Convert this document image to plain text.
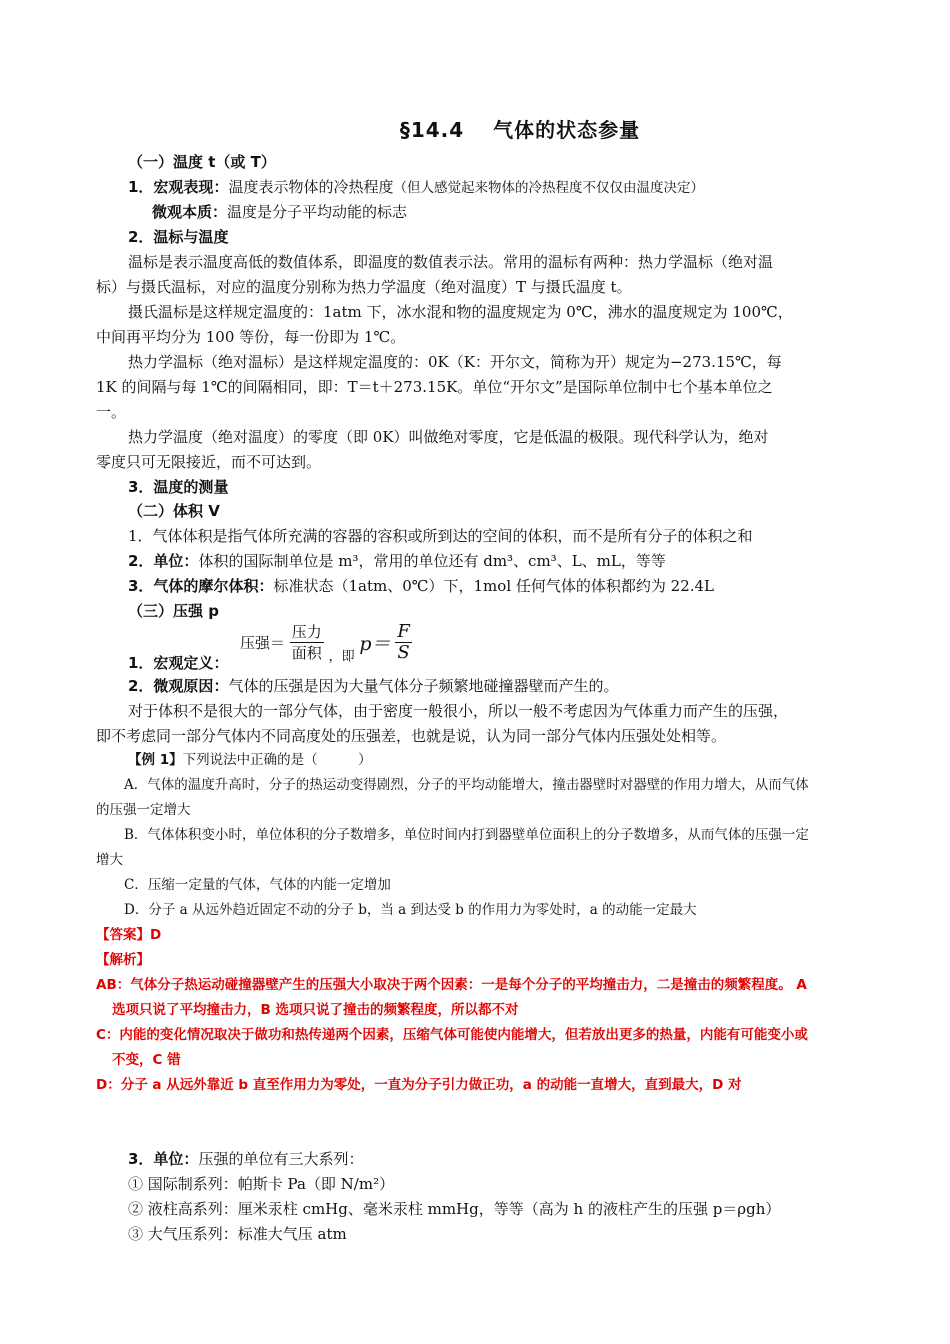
§14.4　 气体的状态参量
（一）温度 t（或 T）
1．宏观表现：温度表示物体的冷热程度（但人感觉起来物体的冷热程度不仅仅由温度决定）
微观本质：温度是分子平均动能的标志
2．温标与温度
温标是表示温度高低的数值体系，即温度的数值表示法。常用的温标有两种：热力学温标（绝对温
标）与摄氏温标，对应的温度分别称为热力学温度（绝对温度）T 与摄氏温度 t。
摄氏温标是这样规定温度的：1atm 下，冰水混和物的温度规定为 0℃，沸水的温度规定为 100℃，
中间再平均分为 100 等份，每一份即为 1℃。
热力学温标（绝对温标）是这样规定温度的：0K（K：开尔文，简称为开）规定为−273.15℃，每
1K 的间隔与每 1℃的间隔相同，即：T＝t＋273.15K。单位“开尔文”是国际单位制中七个基本单位之
一。
热力学温度（绝对温度）的零度（即 0K）叫做绝对零度，它是低温的极限。现代科学认为，绝对
零度只可无限接近，而不可达到。
3．温度的测量
（二）体积 V
1．气体体积是指气体所充满的容器的容积或所到达的空间的体积，而不是所有分子的体积之和
2．单位：体积的国际制单位是 m³，常用的单位还有 dm³、cm³、L、mL，等等
3．气体的摩尔体积：标准状态（1atm、0℃）下，1mol 任何气体的体积都约为 22.4L
（三）压强 p
1．宏观定义：
压强＝ $\frac{\text{压力}}{\text{面积}}$ ，即 $p= \frac{F}{S}$
2．微观原因：气体的压强是因为大量气体分子频繁地碰撞器壁而产生的。
对于体积不是很大的一部分气体，由于密度一般很小，所以一般不考虑因为气体重力而产生的压强，
即不考虑同一部分气体内不同高度处的压强差，也就是说，认为同一部分气体内压强处处相等。
【例 1】下列说法中正确的是（　　　）
A．气体的温度升高时，分子的热运动变得剧烈，分子的平均动能增大，撞击器壁时对器壁的作用力增大，从而气体
的压强一定增大
B．气体体积变小时，单位体积的分子数增多，单位时间内打到器壁单位面积上的分子数增多，从而气体的压强一定
增大
C．压缩一定量的气体，气体的内能一定增加
D．分子 a 从远外趋近固定不动的分子 b，当 a 到达受 b 的作用力为零处时，a 的动能一定最大
【答案】D
【解析】
AB：气体分子热运动碰撞器壁产生的压强大小取决于两个因素：一是每个分子的平均撞击力，二是撞击的频繁程度。 A
选项只说了平均撞击力，B 选项只说了撞击的频繁程度，所以都不对
C：内能的变化情况取决于做功和热传递两个因素，压缩气体可能使内能增大，但若放出更多的热量，内能有可能变小或
不变，C 错
D：分子 a 从远外靠近 b 直至作用力为零处，一直为分子引力做正功，a 的动能一直增大，直到最大，D 对
3．单位：压强的单位有三大系列：
① 国际制系列：帕斯卡 Pa（即 N/m²）
② 液柱高系列：厘米汞柱 cmHg、毫米汞柱 mmHg，等等（高为 h 的液柱产生的压强 p＝ρgh）
③ 大气压系列：标准大气压 atm
